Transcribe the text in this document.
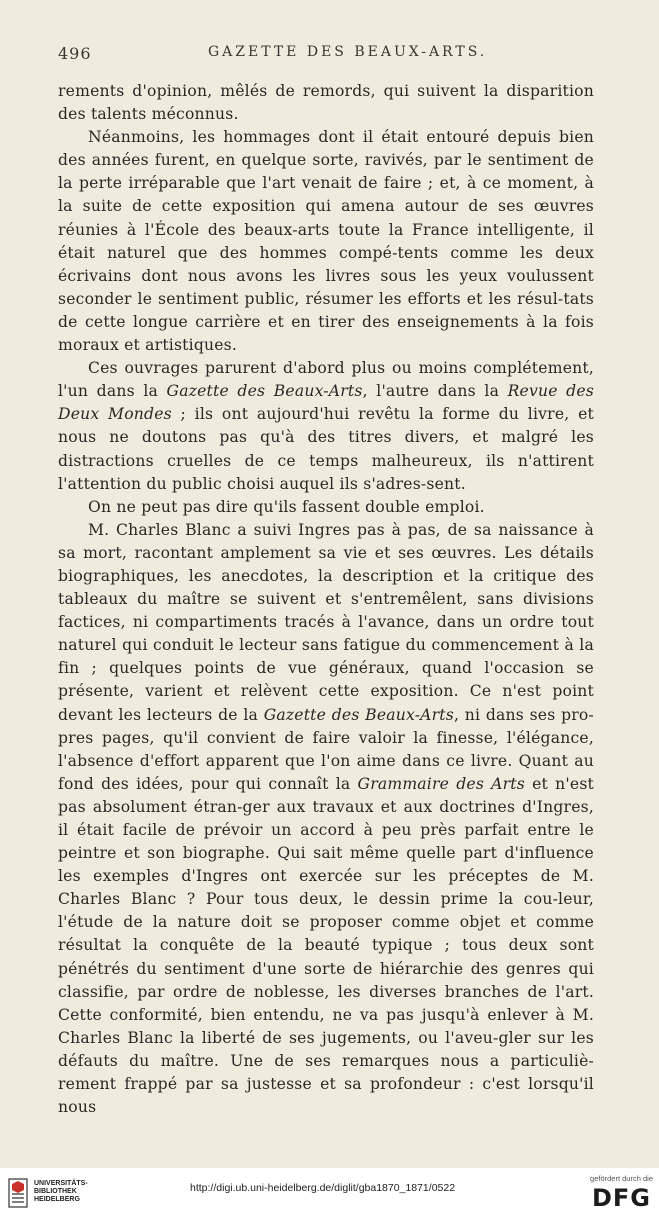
496	GAZETTE DES BEAUX-ARTS.

rements d'opinion, mêlés de remords, qui suivent la disparition des talents méconnus.

Néanmoins, les hommages dont il était entouré depuis bien des années furent, en quelque sorte, ravivés, par le sentiment de la perte irréparable que l'art venait de faire ; et, à ce moment, à la suite de cette exposition qui amena autour de ses œuvres réunies à l'École des beaux-arts toute la France intelligente, il était naturel que des hommes compé-tents comme les deux écrivains dont nous avons les livres sous les yeux voulussent seconder le sentiment public, résumer les efforts et les résul-tats de cette longue carrière et en tirer des enseignements à la fois moraux et artistiques.

Ces ouvrages parurent d'abord plus ou moins complétement, l'un dans la Gazette des Beaux-Arts, l'autre dans la Revue des Deux Mondes ; ils ont aujourd'hui revêtu la forme du livre, et nous ne doutons pas qu'à des titres divers, et malgré les distractions cruelles de ce temps malheureux, ils n'attirent l'attention du public choisi auquel ils s'adres-sent.

On ne peut pas dire qu'ils fassent double emploi.

M. Charles Blanc a suivi Ingres pas à pas, de sa naissance à sa mort, racontant amplement sa vie et ses œuvres. Les détails biographiques, les anecdotes, la description et la critique des tableaux du maître se suivent et s'entremêlent, sans divisions factices, ni compartiments tracés à l'avance, dans un ordre tout naturel qui conduit le lecteur sans fatigue du commencement à la fin ; quelques points de vue généraux, quand l'occasion se présente, varient et relèvent cette exposition. Ce n'est point devant les lecteurs de la Gazette des Beaux-Arts, ni dans ses pro-pres pages, qu'il convient de faire valoir la finesse, l'élégance, l'absence d'effort apparent que l'on aime dans ce livre. Quant au fond des idées, pour qui connaît la Grammaire des Arts et n'est pas absolument étran-ger aux travaux et aux doctrines d'Ingres, il était facile de prévoir un accord à peu près parfait entre le peintre et son biographe. Qui sait même quelle part d'influence les exemples d'Ingres ont exercée sur les préceptes de M. Charles Blanc ? Pour tous deux, le dessin prime la cou-leur, l'étude de la nature doit se proposer comme objet et comme résultat la conquête de la beauté typique ; tous deux sont pénétrés du sentiment d'une sorte de hiérarchie des genres qui classifie, par ordre de noblesse, les diverses branches de l'art. Cette conformité, bien entendu, ne va pas jusqu'à enlever à M. Charles Blanc la liberté de ses jugements, ou l'aveu-gler sur les défauts du maître. Une de ses remarques nous a particuliè-rement frappé par sa justesse et sa profondeur : c'est lorsqu'il nous

UNIVERSITÄTS-
BIBLIOTHEK
HEIDELBERG
http://digi.ub.uni-heidelberg.de/diglit/gba1870_1871/0522
gefördert durch die
DFG
